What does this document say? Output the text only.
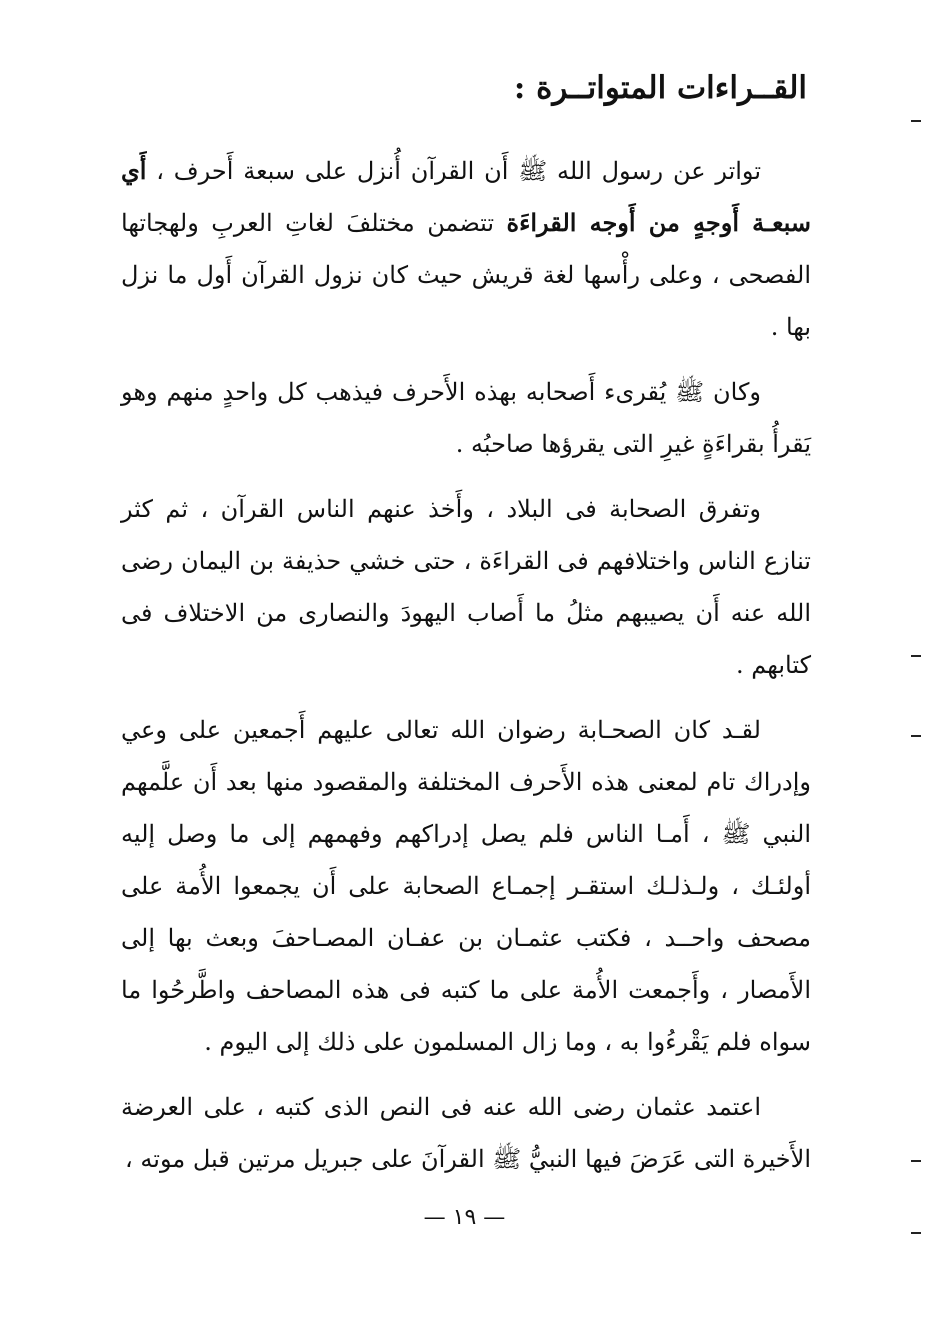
القــراءات المتواتــرة :

تواتر عن رسول الله ﷺ أَن القرآن أُنزل على سبعة أَحرف ، أَي سبعـة أَوجهٍ من أَوجه القراءَة تتضمن مختلفَ لغاتِ العربِ ولهجاتها الفصحى ، وعلى رأْسها لغة قريش حيث كان نزول القرآن أَول ما نزل بها .

وكان ﷺ يُقرىء أَصحابه بهذه الأَحرف فيذهب كل واحدٍ منهم وهو يَقرأُ بقراءَةٍ غيرِ التى يقرؤها صاحبُه .

وتفرق الصحابة فى البلاد ، وأَخذ عنهم الناس القرآن ، ثم كثر تنازع الناس واختلافهم فى القراءَة ، حتى خشي حذيفة بن اليمان رضى الله عنه أَن يصيبهم مثلُ ما أَصاب اليهودَ والنصارى من الاختلاف فى كتابهم .

لقـد كان الصحـابة رضوان الله تعالى عليهم أَجمعين على وعي وإدراك تام لمعنى هذه الأَحرف المختلفة والمقصود منها بعد أَن علَّمهم النبي ﷺ ، أَمـا الناس فلم يصل إدراكهم وفهمهم إلى ما وصل إليه أولئـك ، ولـذلـك استقـر إجمـاع الصحابة على أَن يجمعوا الأُمة على مصحف واحــد ، فكتب عثمـان بن عفـان المصـاحفَ وبعث بها إلى الأَمصار ، وأَجمعت الأُمة على ما كتبه فى هذه المصاحف واطَّرحُوا ما سواه فلم يَقْرءُوا به ، وما زال المسلمون على ذلك إلى اليوم .

اعتمد عثمان رضى الله عنه فى النص الذى كتبه ، على العرضة الأَخيرة التى عَرَضَ فيها النبيُّ ﷺ القرآنَ على جبريل مرتين قبل موته ،

— ١٩ —
